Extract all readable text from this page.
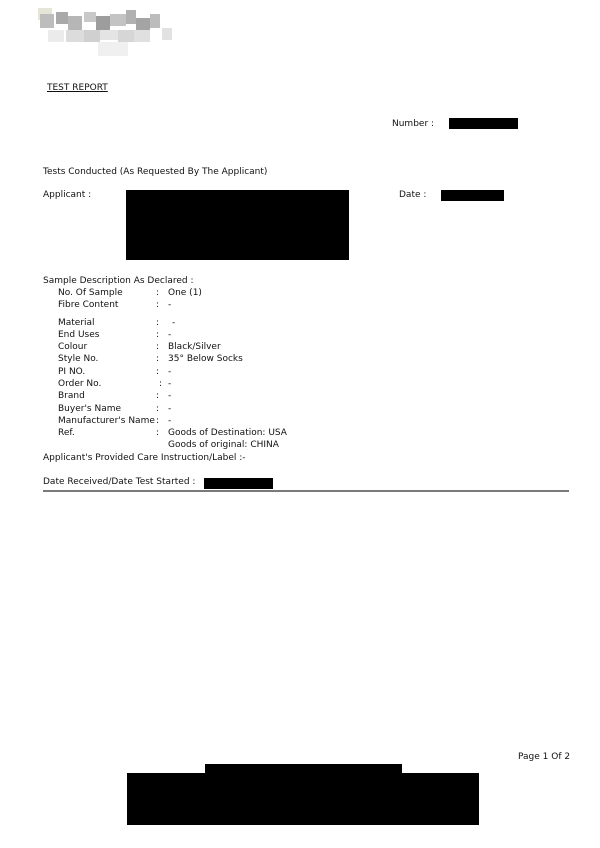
TEST REPORT
Number :
Tests Conducted (As Requested By The Applicant)
Applicant :	Date :
Sample Description As Declared :
No. Of Sample	: One (1)
Fibre Content	: -
Material	: -
End Uses	: -
Colour	: Black/Silver
Style No.	: 35° Below Socks
PI NO.	: -
Order No.	: -
Brand	: -
Buyer's Name	: -
Manufacturer's Name : -
Ref.	: Goods of Destination: USA
Goods of original: CHINA
Applicant's Provided Care Instruction/Label :-
Date Received/Date Test Started :
Page 1 Of 2
